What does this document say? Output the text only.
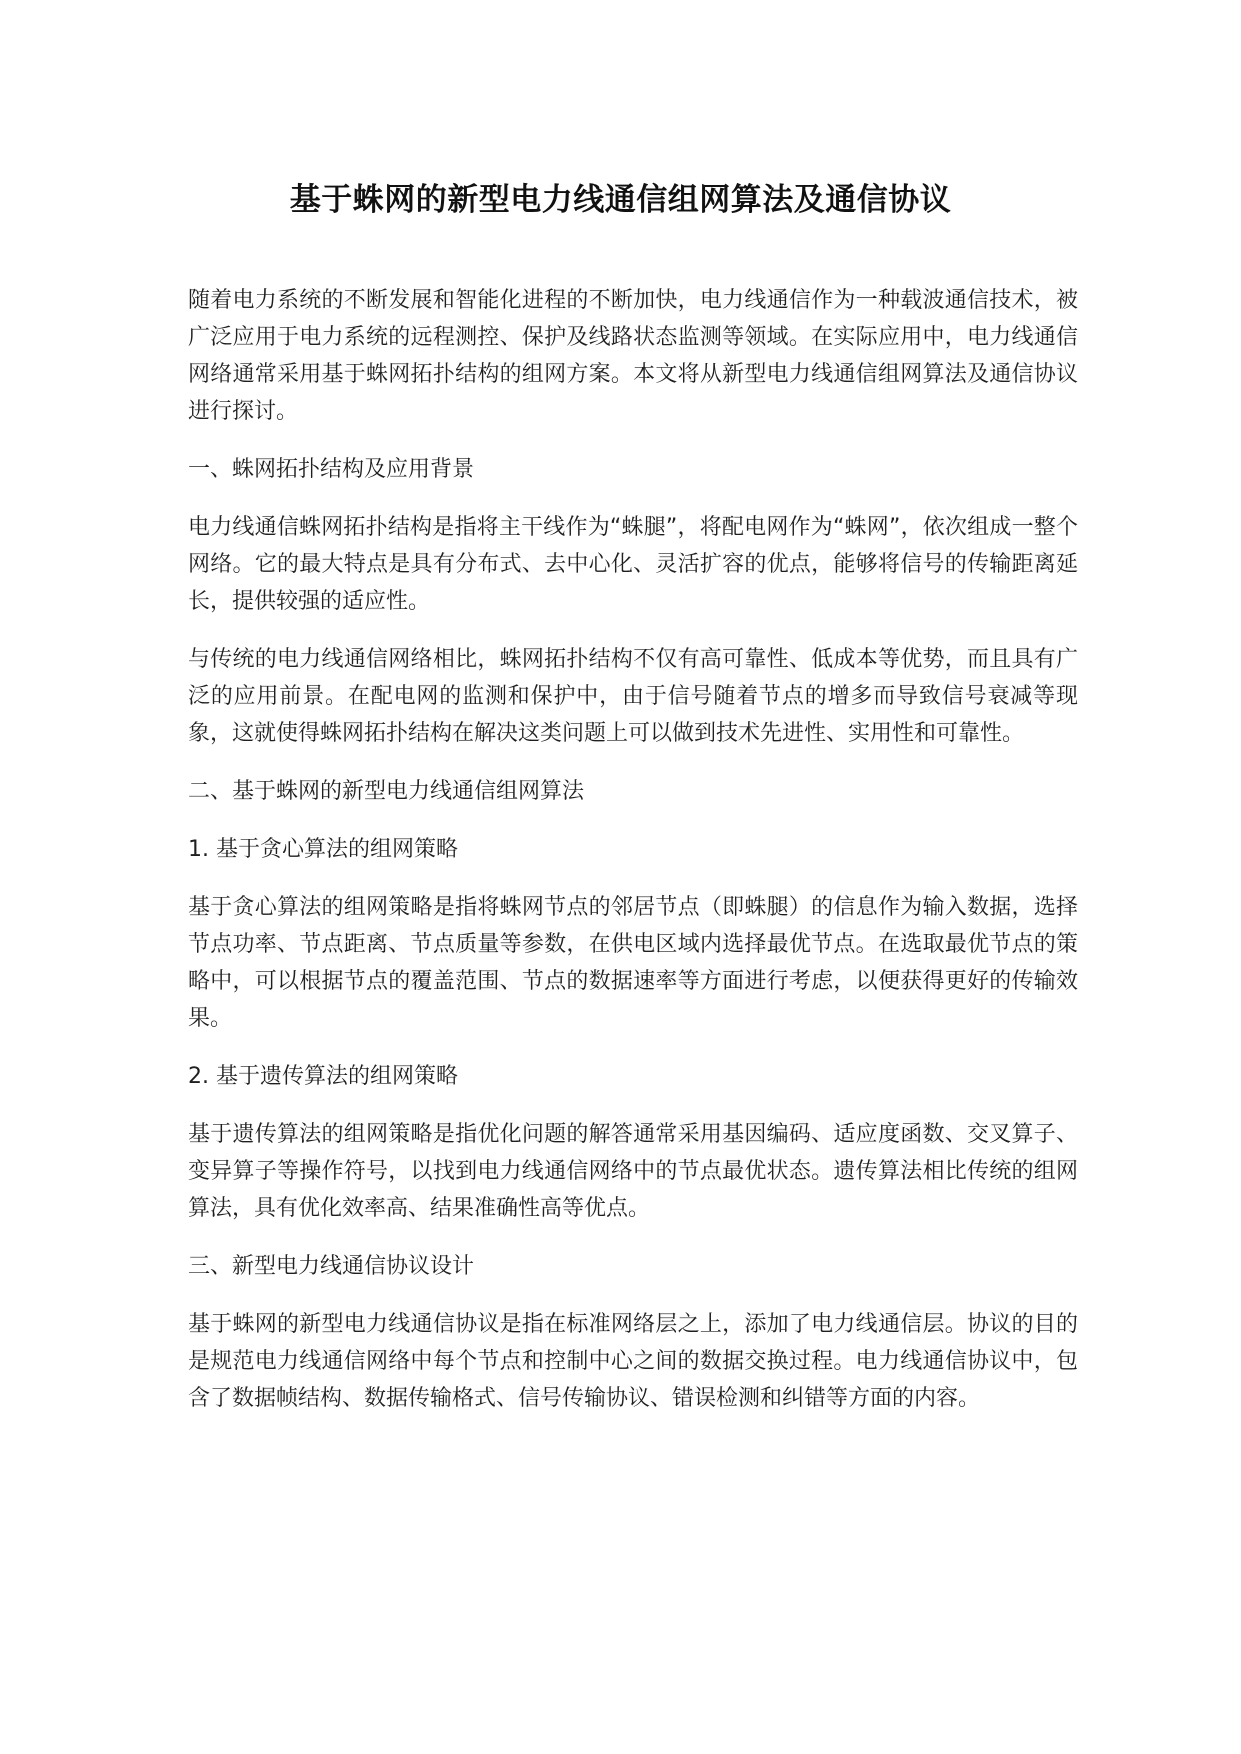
基于蛛网的新型电力线通信组网算法及通信协议

随着电力系统的不断发展和智能化进程的不断加快，电力线通信作为一种载波通信技术，被广泛应用于电力系统的远程测控、保护及线路状态监测等领域。在实际应用中，电力线通信网络通常采用基于蛛网拓扑结构的组网方案。本文将从新型电力线通信组网算法及通信协议进行探讨。

一、蛛网拓扑结构及应用背景

电力线通信蛛网拓扑结构是指将主干线作为“蛛腿”，将配电网作为“蛛网”，依次组成一整个网络。它的最大特点是具有分布式、去中心化、灵活扩容的优点，能够将信号的传输距离延长，提供较强的适应性。

与传统的电力线通信网络相比，蛛网拓扑结构不仅有高可靠性、低成本等优势，而且具有广泛的应用前景。在配电网的监测和保护中，由于信号随着节点的增多而导致信号衰减等现象，这就使得蛛网拓扑结构在解决这类问题上可以做到技术先进性、实用性和可靠性。

二、基于蛛网的新型电力线通信组网算法

1. 基于贪心算法的组网策略

基于贪心算法的组网策略是指将蛛网节点的邻居节点（即蛛腿）的信息作为输入数据，选择节点功率、节点距离、节点质量等参数，在供电区域内选择最优节点。在选取最优节点的策略中，可以根据节点的覆盖范围、节点的数据速率等方面进行考虑，以便获得更好的传输效果。

2. 基于遗传算法的组网策略

基于遗传算法的组网策略是指优化问题的解答通常采用基因编码、适应度函数、交叉算子、变异算子等操作符号，以找到电力线通信网络中的节点最优状态。遗传算法相比传统的组网算法，具有优化效率高、结果准确性高等优点。

三、新型电力线通信协议设计

基于蛛网的新型电力线通信协议是指在标准网络层之上，添加了电力线通信层。协议的目的是规范电力线通信网络中每个节点和控制中心之间的数据交换过程。电力线通信协议中，包含了数据帧结构、数据传输格式、信号传输协议、错误检测和纠错等方面的内容。
